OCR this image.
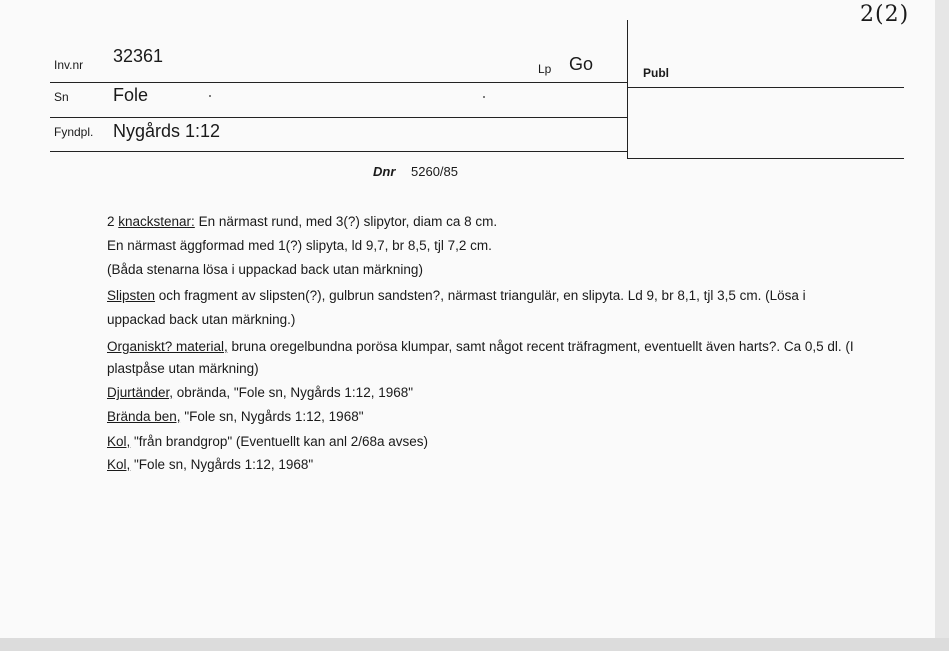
2(2)
Inv.nr 32361
Lp Go	Publ
Sn Fole
Fyndpl. Nygårds 1:12
Dnr 5260/85
2 knackstenar: En närmast rund, med 3(?) slipytor, diam ca 8 cm.
En närmast äggformad med 1(?) slipyta, ld 9,7, br 8,5, tjl 7,2 cm.
(Båda stenarna lösa i uppackad back utan märkning)
Slipsten och fragment av slipsten(?), gulbrun sandsten?, närmast triangulär, en slipyta. Ld 9, br 8,1, tjl 3,5 cm. (Lösa i
uppackad back utan märkning.)
Organiskt? material, bruna oregelbundna porösa klumpar, samt något recent träfragment, eventuellt även harts?. Ca 0,5 dl. (I
plastpåse utan märkning)
Djurtänder, obrända, "Fole sn, Nygårds 1:12, 1968"
Brända ben, "Fole sn, Nygårds 1:12, 1968"
Kol, "från brandgrop" (Eventuellt kan anl 2/68a avses)
Kol, "Fole sn, Nygårds 1:12, 1968"
